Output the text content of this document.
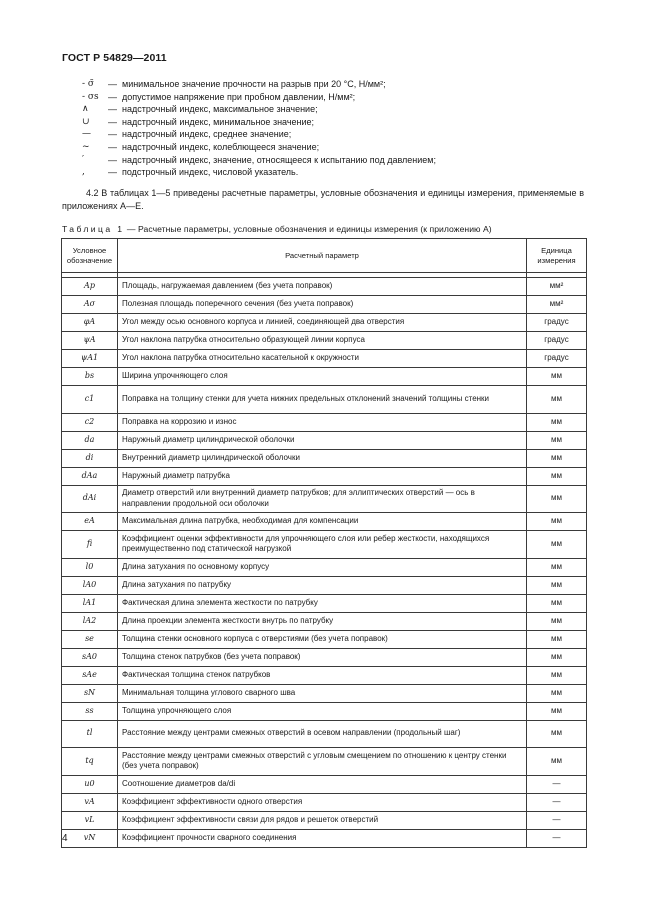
ГОСТ Р 54829—2011
- σ̃	— минимальное значение прочности на разрыв при 20 °С, Н/мм²;
- σs	— допустимое напряжение при пробном давлении, Н/мм²;
∧	— надстрочный индекс, максимальное значение;
∪	— надстрочный индекс, минимальное значение;
—	— надстрочный индекс, среднее значение;
~	— надстрочный индекс, колеблющееся значение;
′	— надстрочный индекс, значение, относящееся к испытанию под давлением;
,	— подстрочный индекс, числовой указатель.
4.2 В таблицах 1—5 приведены расчетные параметры, условные обозначения и единицы измерения, применяемые в приложениях А—Е.
Таблица 1 — Расчетные параметры, условные обозначения и единицы измерения (к приложению А)
Условное обозначение	Расчетный параметр	Единица измерения

Ap	Площадь, нагружаемая давлением (без учета поправок)	мм²
Aσ	Полезная площадь поперечного сечения (без учета поправок)	мм²
φA	Угол между осью основного корпуса и линией, соединяющей два отверстия	градус
ψA	Угол наклона патрубка относительно образующей линии корпуса	градус
ψA1	Угол наклона патрубка относительно касательной к окружности	градус
bs	Ширина упрочняющего слоя	мм
c1	Поправка на толщину стенки для учета нижних предельных отклонений значений толщины стенки	мм
c2	Поправка на коррозию и износ	мм
da	Наружный диаметр цилиндрической оболочки	мм
di	Внутренний диаметр цилиндрической оболочки	мм
dAa	Наружный диаметр патрубка	мм
dAi	Диаметр отверстий или внутренний диаметр патрубков; для эллиптических отверстий — ось в направлении продольной оси оболочки	мм
eA	Максимальная длина патрубка, необходимая для компенсации	мм
fi	Коэффициент оценки эффективности для упрочняющего слоя или ребер жесткости, находящихся преимущественно под статической нагрузкой	мм
l0	Длина затухания по основному корпусу	мм
lA0	Длина затухания по патрубку	мм
lA1	Фактическая длина элемента жесткости по патрубку	мм
lA2	Длина проекции элемента жесткости внутрь по патрубку	мм
se	Толщина стенки основного корпуса с отверстиями (без учета поправок)	мм
sA0	Толщина стенок патрубков (без учета поправок)	мм
sAe	Фактическая толщина стенок патрубков	мм
sN	Минимальная толщина углового сварного шва	мм
ss	Толщина упрочняющего слоя	мм
tl	Расстояние между центрами смежных отверстий в осевом направлении (продольный шаг)	мм
tq	Расстояние между центрами смежных отверстий с угловым смещением по отношению к центру стенки (без учета поправок)	мм
u0	Соотношение диаметров da/di	—
vA	Коэффициент эффективности одного отверстия	—
vL	Коэффициент эффективности связи для рядов и решеток отверстий	—
vN	Коэффициент прочности сварного соединения	—
4
